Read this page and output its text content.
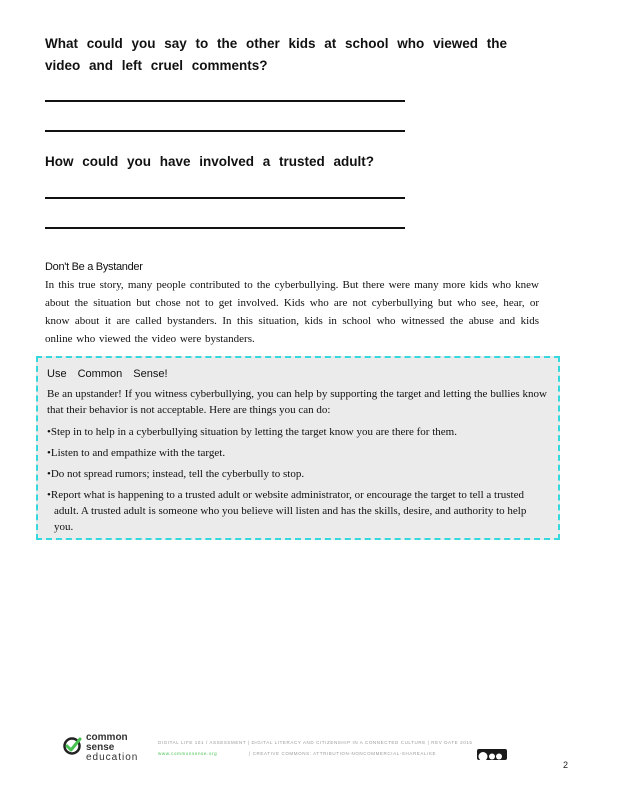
What could you say to the other kids at school who viewed the video and left cruel comments?
How could you have involved a trusted adult?
Don't Be a Bystander
In this true story, many people contributed to the cyberbullying. But there were many more kids who knew about the situation but chose not to get involved. Kids who are not cyberbullying but who see, hear, or know about it are called bystanders. In this situation, kids in school who witnessed the abuse and kids online who viewed the video were bystanders.
Use Common Sense!

Be an upstander! If you witness cyberbullying, you can help by supporting the target and letting the bullies know that their behavior is not acceptable. Here are things you can do:

•Step in to help in a cyberbullying situation by letting the target know you are there for them.

•Listen to and empathize with the target.

•Do not spread rumors; instead, tell the cyberbully to stop.

•Report what is happening to a trusted adult or website administrator, or encourage the target to tell a trusted adult. A trusted adult is someone who you believe will listen and has the skills, desire, and authority to help you.

common
sense
education
DIGITAL LIFE 101 / ASSESSMENT | DIGITAL LITERACY AND CITIZENSHIP IN A CONNECTED CULTURE | REV DATE 2015
www.commonsense.org	| CREATIVE COMMONS: ATTRIBUTION-NONCOMMERCIAL-SHAREALIKE
2
